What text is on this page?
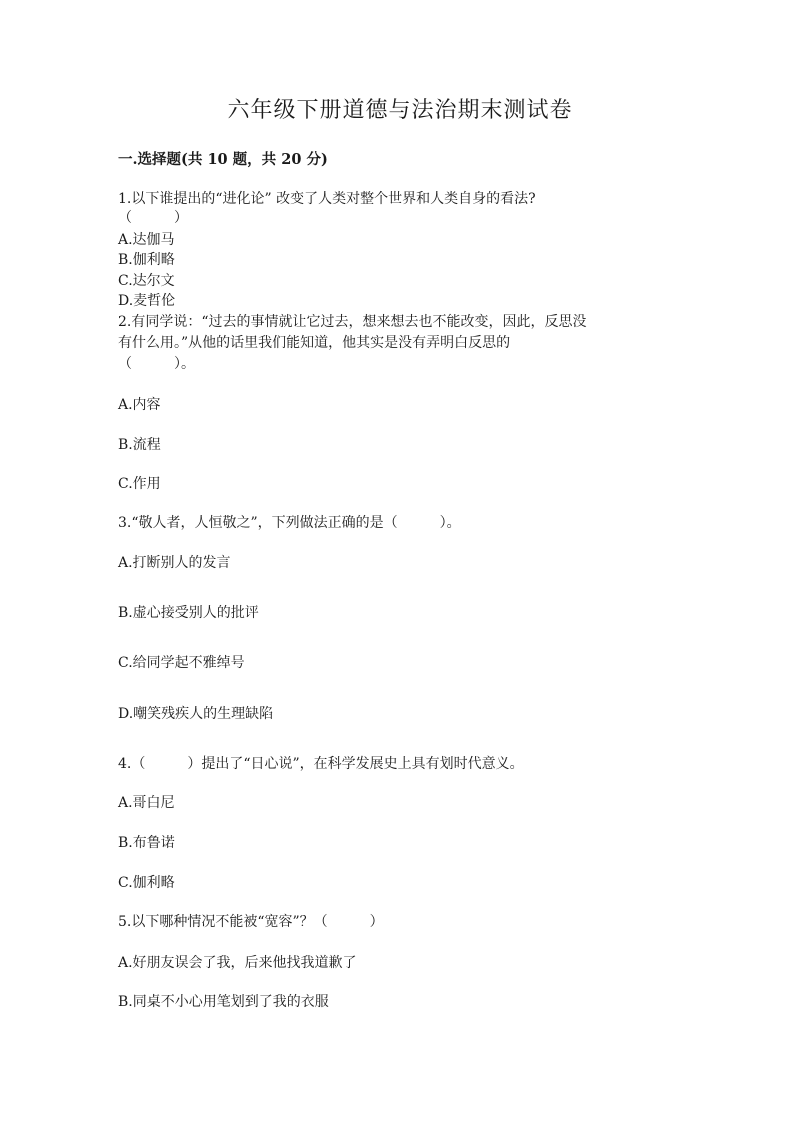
六年级下册道德与法治期末测试卷
一.选择题(共 10 题，共 20 分)
1.以下谁提出的“进化论” 改变了人类对整个世界和人类自身的看法?
（　　　）
A.达伽马
B.伽利略
C.达尔文
D.麦哲伦
2.有同学说：“过去的事情就让它过去，想来想去也不能改变，因此，反思没
有什么用。”从他的话里我们能知道，他其实是没有弄明白反思的
（　　　）。
A.内容
B.流程
C.作用
3.“敬人者，人恒敬之”，下列做法正确的是（　　　）。
A.打断别人的发言
B.虚心接受别人的批评
C.给同学起不雅绰号
D.嘲笑残疾人的生理缺陷
4.（　　　）提出了“日心说”，在科学发展史上具有划时代意义。
A.哥白尼
B.布鲁诺
C.伽利略
5.以下哪种情况不能被“宽容”？（　　　）
A.好朋友误会了我，后来他找我道歉了
B.同桌不小心用笔划到了我的衣服
